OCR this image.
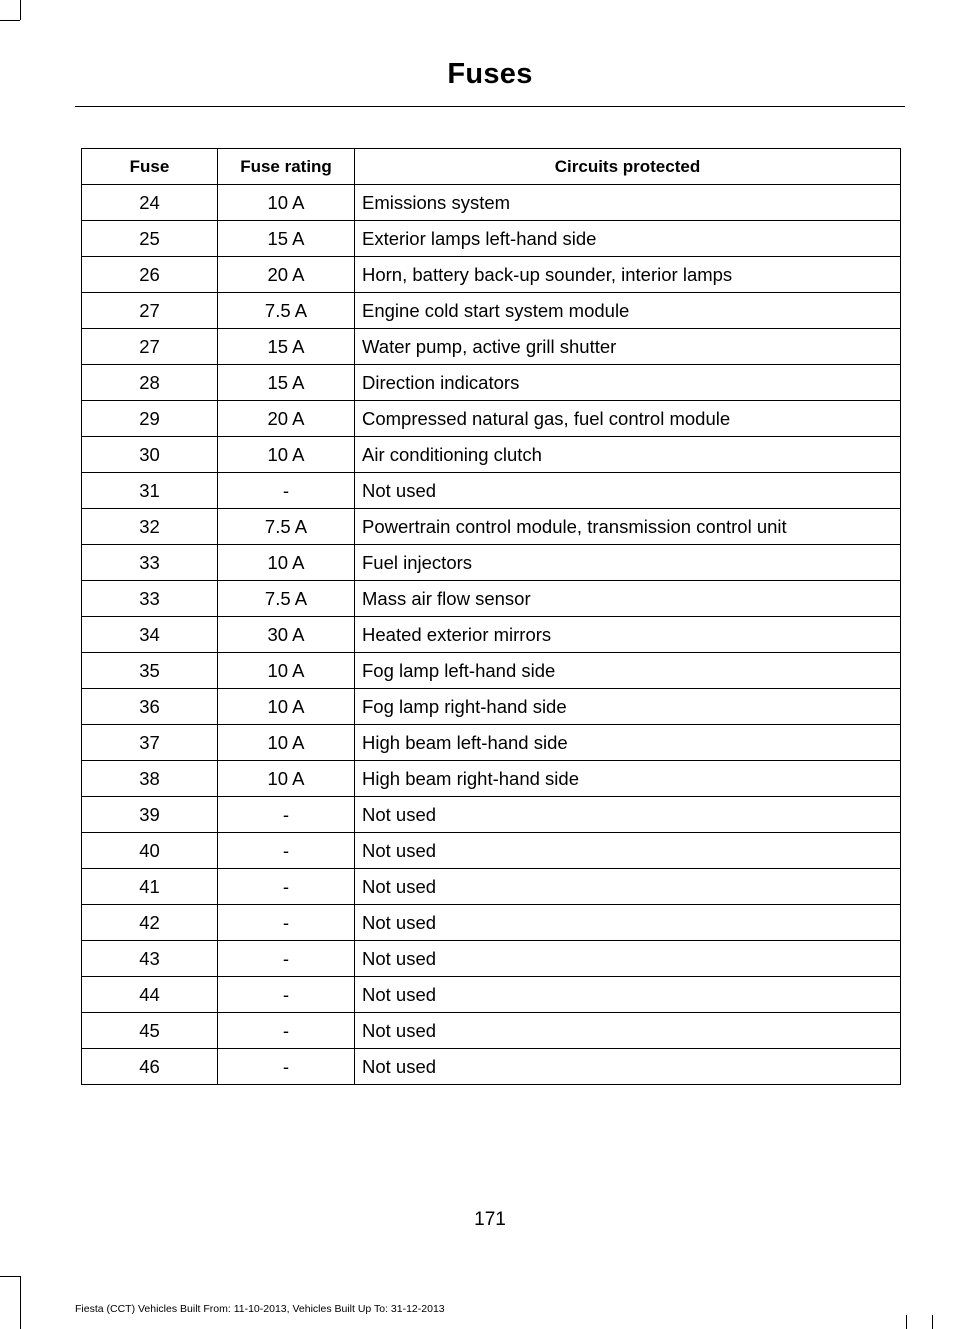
Fuses
Fuse	Fuse rating	Circuits protected
24	10 A	Emissions system
25	15 A	Exterior lamps left-hand side
26	20 A	Horn, battery back-up sounder, interior lamps
27	7.5 A	Engine cold start system module
27	15 A	Water pump, active grill shutter
28	15 A	Direction indicators
29	20 A	Compressed natural gas, fuel control module
30	10 A	Air conditioning clutch
31	-	Not used
32	7.5 A	Powertrain control module, transmission control unit
33	10 A	Fuel injectors
33	7.5 A	Mass air flow sensor
34	30 A	Heated exterior mirrors
35	10 A	Fog lamp left-hand side
36	10 A	Fog lamp right-hand side
37	10 A	High beam left-hand side
38	10 A	High beam right-hand side
39	-	Not used
40	-	Not used
41	-	Not used
42	-	Not used
43	-	Not used
44	-	Not used
45	-	Not used
46	-	Not used
171
Fiesta (CCT) Vehicles Built From: 11-10-2013, Vehicles Built Up To: 31-12-2013
